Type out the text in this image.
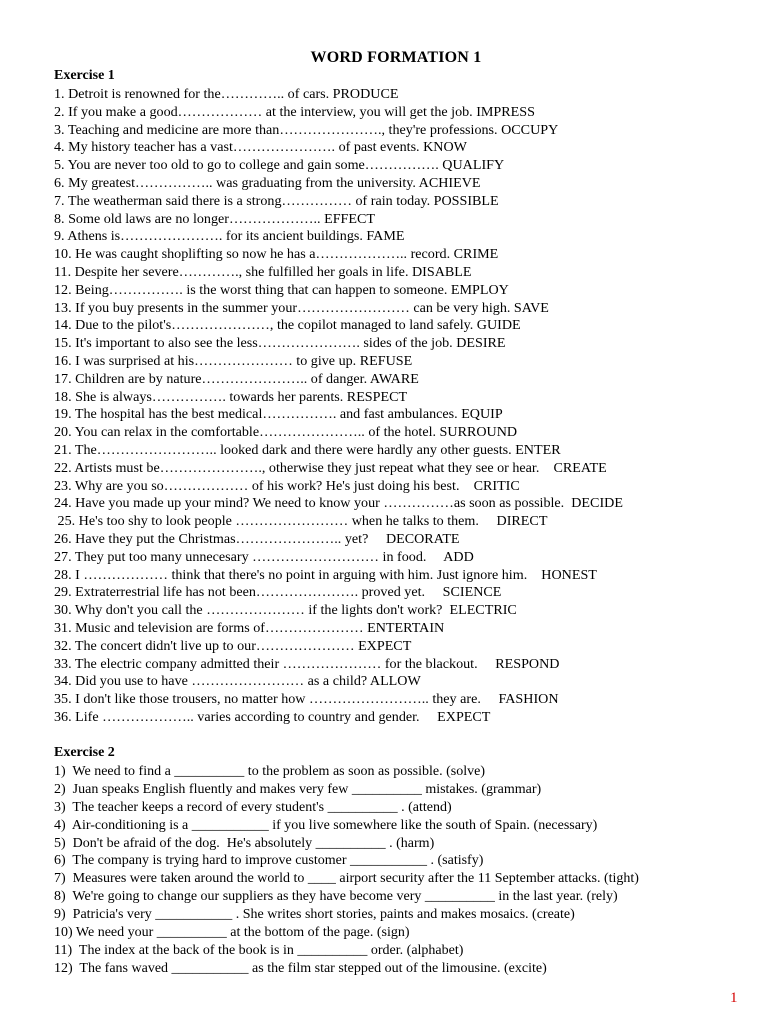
WORD FORMATION 1
Exercise 1
1. Detroit is renowned for the………….. of cars. PRODUCE
2. If you make a good……………… at the interview, you will get the job. IMPRESS
3. Teaching and medicine are more than…………………., they're professions. OCCUPY
4. My history teacher has a vast…………………. of past events. KNOW
5. You are never too old to go to college and gain some……………. QUALIFY
6. My greatest…………….. was graduating from the university. ACHIEVE
7. The weatherman said there is a strong…………… of rain today. POSSIBLE
8. Some old laws are no longer……………….. EFFECT
9. Athens is…………………. for its ancient buildings. FAME
10. He was caught shoplifting so now he has a……………….. record. CRIME
11. Despite her severe…………., she fulfilled her goals in life. DISABLE
12. Being……………. is the worst thing that can happen to someone. EMPLOY
13. If you buy presents in the summer your…………………… can be very high. SAVE
14. Due to the pilot's…………………, the copilot managed to land safely. GUIDE
15. It's important to also see the less…………………. sides of the job. DESIRE
16. I was surprised at his………………… to give up. REFUSE
17. Children are by nature………………….. of danger. AWARE
18. She is always……………. towards her parents. RESPECT
19. The hospital has the best medical……………. and fast ambulances. EQUIP
20. You can relax in the comfortable………………….. of the hotel. SURROUND
21. The…………………….. looked dark and there were hardly any other guests. ENTER
22. Artists must be…………………., otherwise they just repeat what they see or hear.    CREATE
23. Why are you so……………… of his work? He's just doing his best.    CRITIC
24. Have you made up your mind? We need to know your ……………as soon as possible.  DECIDE
25. He's too shy to look people …………………… when he talks to them.     DIRECT
26. Have they put the Christmas………………….. yet?     DECORATE
27. They put too many unnecesary ……………………… in food.     ADD
28. I ……………… think that there's no point in arguing with him. Just ignore him.    HONEST
29. Extraterrestrial life has not been…………………. proved yet.     SCIENCE
30. Why don't you call the ………………… if the lights don't work?  ELECTRIC
31. Music and television are forms of………………… ENTERTAIN
32. The concert didn't live up to our………………… EXPECT
33. The electric company admitted their ………………… for the blackout.     RESPOND
34. Did you use to have …………………… as a child? ALLOW
35. I don't like those trousers, no matter how …………………….. they are.     FASHION
36. Life ……………….. varies according to country and gender.     EXPECT
Exercise 2
1)  We need to find a __________ to the problem as soon as possible. (solve)
2)  Juan speaks English fluently and makes very few __________ mistakes. (grammar)
3)  The teacher keeps a record of every student's __________ . (attend)
4)  Air-conditioning is a ___________ if you live somewhere like the south of Spain. (necessary)
5)  Don't be afraid of the dog.  He's absolutely __________ . (harm)
6)  The company is trying hard to improve customer ___________ . (satisfy)
7)  Measures were taken around the world to ____ airport security after the 11 September attacks. (tight)
8)  We're going to change our suppliers as they have become very __________ in the last year. (rely)
9)  Patricia's very ___________ . She writes short stories, paints and makes mosaics. (create)
10) We need your __________ at the bottom of the page. (sign)
11)  The index at the back of the book is in __________ order. (alphabet)
12)  The fans waved ___________ as the film star stepped out of the limousine. (excite)
1
